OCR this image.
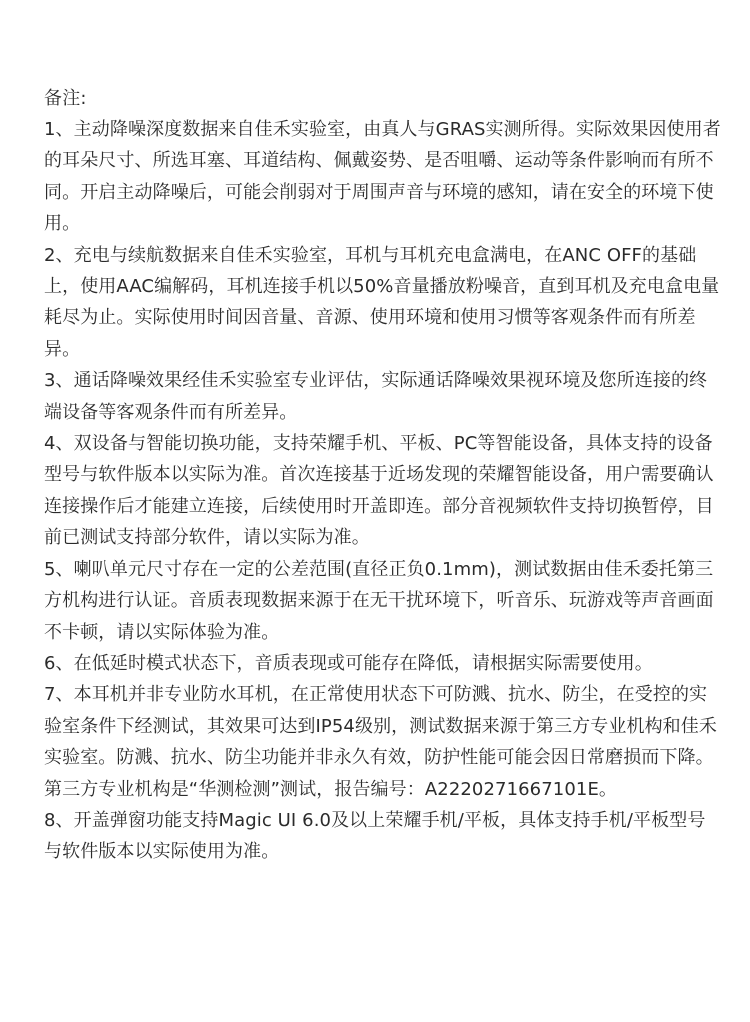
备注:

1、主动降噪深度数据来自佳禾实验室，由真人与GRAS实测所得。实际效果因使用者的耳朵尺寸、所选耳塞、耳道结构、佩戴姿势、是否咀嚼、运动等条件影响而有所不同。开启主动降噪后，可能会削弱对于周围声音与环境的感知，请在安全的环境下使用。

2、充电与续航数据来自佳禾实验室，耳机与耳机充电盒满电，在ANC OFF的基础上，使用AAC编解码，耳机连接手机以50%音量播放粉噪音，直到耳机及充电盒电量耗尽为止。实际使用时间因音量、音源、使用环境和使用习惯等客观条件而有所差异。

3、通话降噪效果经佳禾实验室专业评估，实际通话降噪效果视环境及您所连接的终端设备等客观条件而有所差异。

4、双设备与智能切换功能，支持荣耀手机、平板、PC等智能设备，具体支持的设备型号与软件版本以实际为准。首次连接基于近场发现的荣耀智能设备，用户需要确认连接操作后才能建立连接，后续使用时开盖即连。部分音视频软件支持切换暂停，目前已测试支持部分软件，请以实际为准。

5、喇叭单元尺寸存在一定的公差范围(直径正负0.1mm)，测试数据由佳禾委托第三方机构进行认证。音质表现数据来源于在无干扰环境下，听音乐、玩游戏等声音画面不卡顿，请以实际体验为准。

6、在低延时模式状态下，音质表现或可能存在降低，请根据实际需要使用。

7、本耳机并非专业防水耳机，在正常使用状态下可防溅、抗水、防尘，在受控的实验室条件下经测试，其效果可达到IP54级别，测试数据来源于第三方专业机构和佳禾实验室。防溅、抗水、防尘功能并非永久有效，防护性能可能会因日常磨损而下降。第三方专业机构是“华测检测”测试，报告编号：A2220271667101E。

8、开盖弹窗功能支持Magic UI 6.0及以上荣耀手机/平板，具体支持手机/平板型号与软件版本以实际使用为准。
